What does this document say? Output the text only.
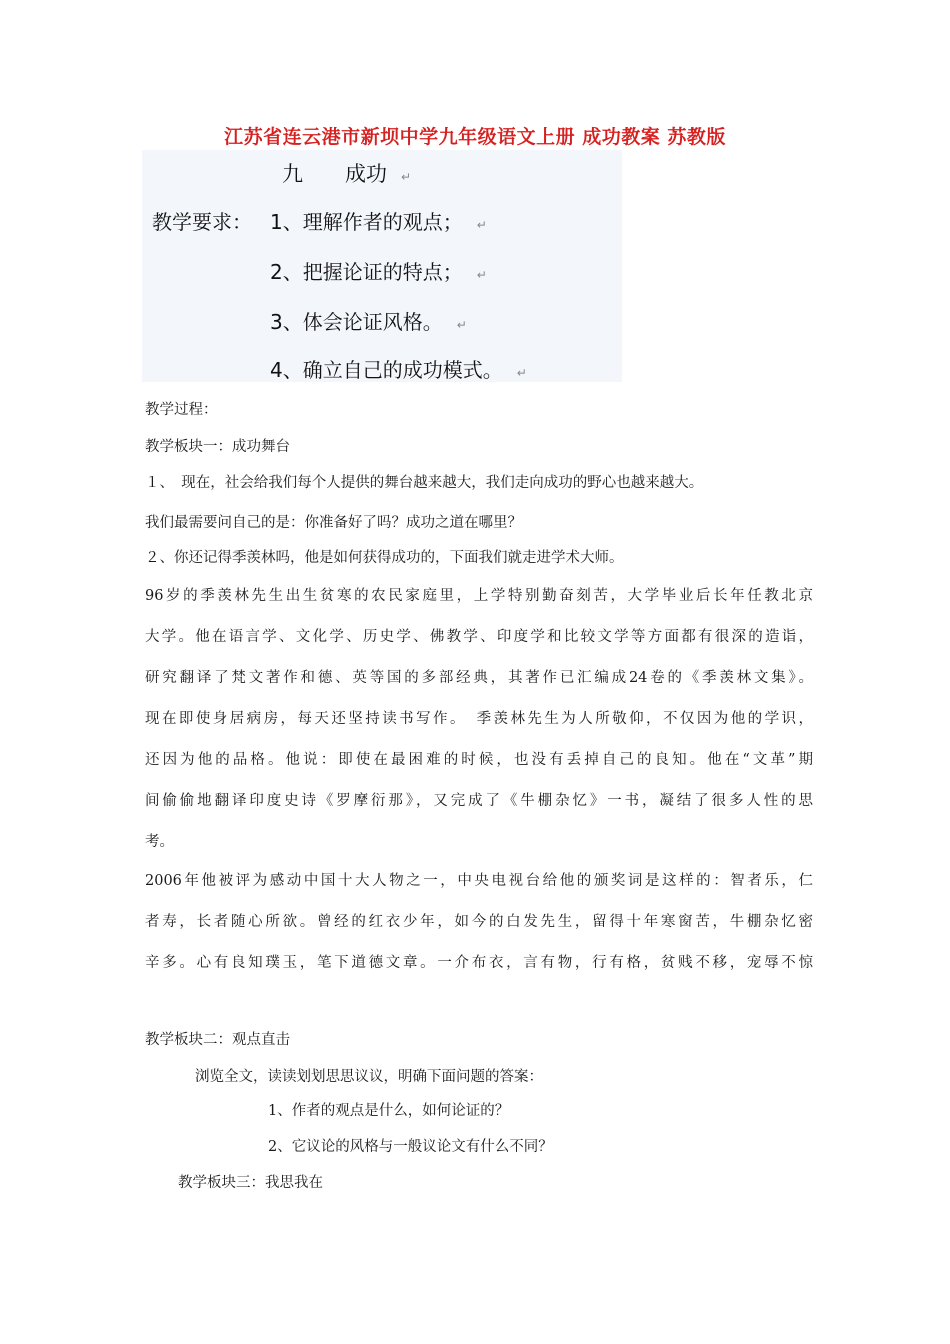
江苏省连云港市新坝中学九年级语文上册 成功教案 苏教版
九　　成功 ↵
教学要求： 1、理解作者的观点； ↵
2、把握论证的特点； ↵
3、体会论证风格。 ↵
4、确立自己的成功模式。 ↵
教学过程：
教学板块一：成功舞台
１、　现在，社会给我们每个人提供的舞台越来越大，我们走向成功的野心也越来越大。
我们最需要问自己的是：你准备好了吗？成功之道在哪里？
２、你还记得季羡林吗，他是如何获得成功的，下面我们就走进学术大师。
96岁的季羡林先生出生贫寒的农民家庭里，上学特别勤奋刻苦，大学毕业后长年任教北京
大学。他在语言学、文化学、历史学、佛教学、印度学和比较文学等方面都有很深的造诣，
研究翻译了梵文著作和德、英等国的多部经典，其著作已汇编成24卷的《季羡林文集》。
现在即使身居病房，每天还坚持读书写作。　季羡林先生为人所敬仰，不仅因为他的学识，
还因为他的品格。他说：即使在最困难的时候，也没有丢掉自己的良知。他在“文革”期
间偷偷地翻译印度史诗《罗摩衍那》，又完成了《牛棚杂忆》一书，凝结了很多人性的思
考。
2006年他被评为感动中国十大人物之一，中央电视台给他的颁奖词是这样的：智者乐，仁
者寿，长者随心所欲。曾经的红衣少年，如今的白发先生，留得十年寒窗苦，牛棚杂忆密
辛多。心有良知璞玉，笔下道德文章。一介布衣，言有物，行有格，贫贱不移，宠辱不惊
教学板块二：观点直击
浏览全文，读读划划思思议议，明确下面问题的答案：
1、作者的观点是什么，如何论证的？
2、它议论的风格与一般议论文有什么不同？
教学板块三：我思我在
